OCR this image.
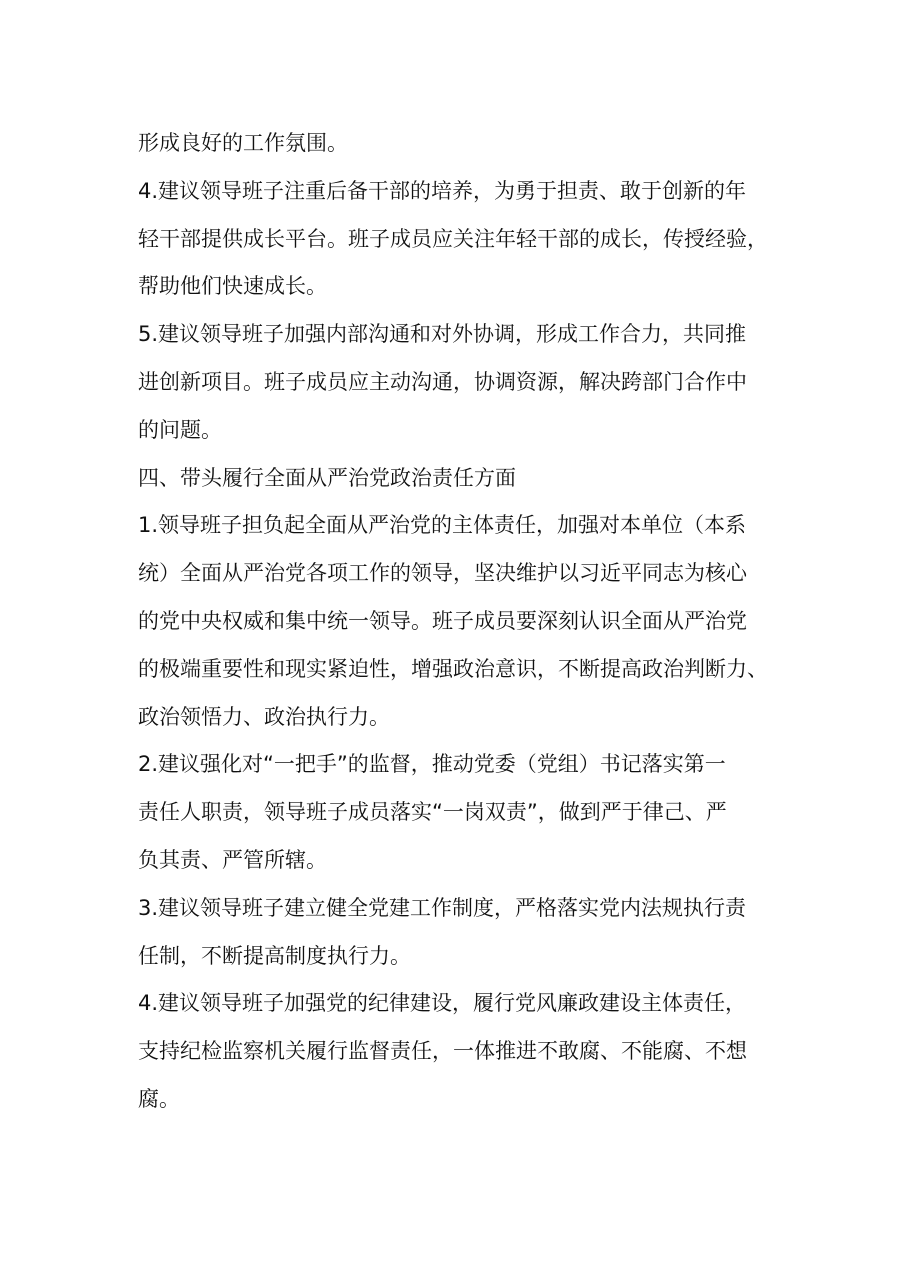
形成良好的工作氛围。
4.建议领导班子注重后备干部的培养，为勇于担责、敢于创新的年
轻干部提供成长平台。班子成员应关注年轻干部的成长，传授经验，
帮助他们快速成长。
5.建议领导班子加强内部沟通和对外协调，形成工作合力，共同推
进创新项目。班子成员应主动沟通，协调资源，解决跨部门合作中
的问题。
四、带头履行全面从严治党政治责任方面
1.领导班子担负起全面从严治党的主体责任，加强对本单位（本系
统）全面从严治党各项工作的领导，坚决维护以习近平同志为核心
的党中央权威和集中统一领导。班子成员要深刻认识全面从严治党
的极端重要性和现实紧迫性，增强政治意识，不断提高政治判断力、
政治领悟力、政治执行力。
2.建议强化对“一把手”的监督，推动党委（党组）书记落实第一
责任人职责，领导班子成员落实“一岗双责”，做到严于律己、严
负其责、严管所辖。
3.建议领导班子建立健全党建工作制度，严格落实党内法规执行责
任制，不断提高制度执行力。
4.建议领导班子加强党的纪律建设，履行党风廉政建设主体责任，
支持纪检监察机关履行监督责任，一体推进不敢腐、不能腐、不想
腐。
